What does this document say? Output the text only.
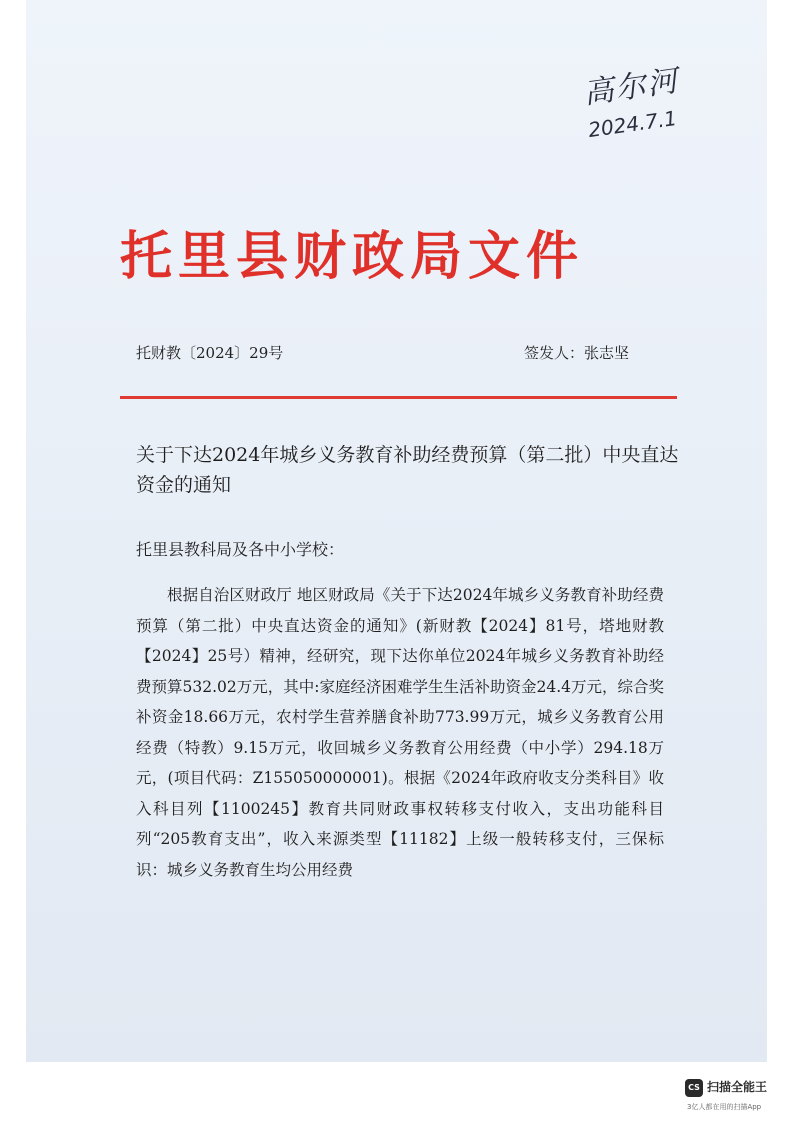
高尔河
2024.7.1
托里县财政局文件
托财教〔2024〕29号	签发人：张志坚
关于下达2024年城乡义务教育补助经费预算（第二批）中央直达资金的通知
托里县教科局及各中小学校：
根据自治区财政厅 地区财政局《关于下达2024年城乡义务教育补助经费预算（第二批）中央直达资金的通知》(新财教【2024】81号，塔地财教【2024】25号）精神，经研究，现下达你单位2024年城乡义务教育补助经费预算532.02万元，其中:家庭经济困难学生生活补助资金24.4万元，综合奖补资金18.66万元，农村学生营养膳食补助773.99万元，城乡义务教育公用经费（特教）9.15万元，收回城乡义务教育公用经费（中小学）294.18万元，(项目代码：Z155050000001)。根据《2024年政府收支分类科目》收入科目列【1100245】教育共同财政事权转移支付收入，支出功能科目列“205教育支出”，收入来源类型【11182】上级一般转移支付，三保标识：城乡义务教育生均公用经费
CS 扫描全能王
3亿人都在用的扫描App
